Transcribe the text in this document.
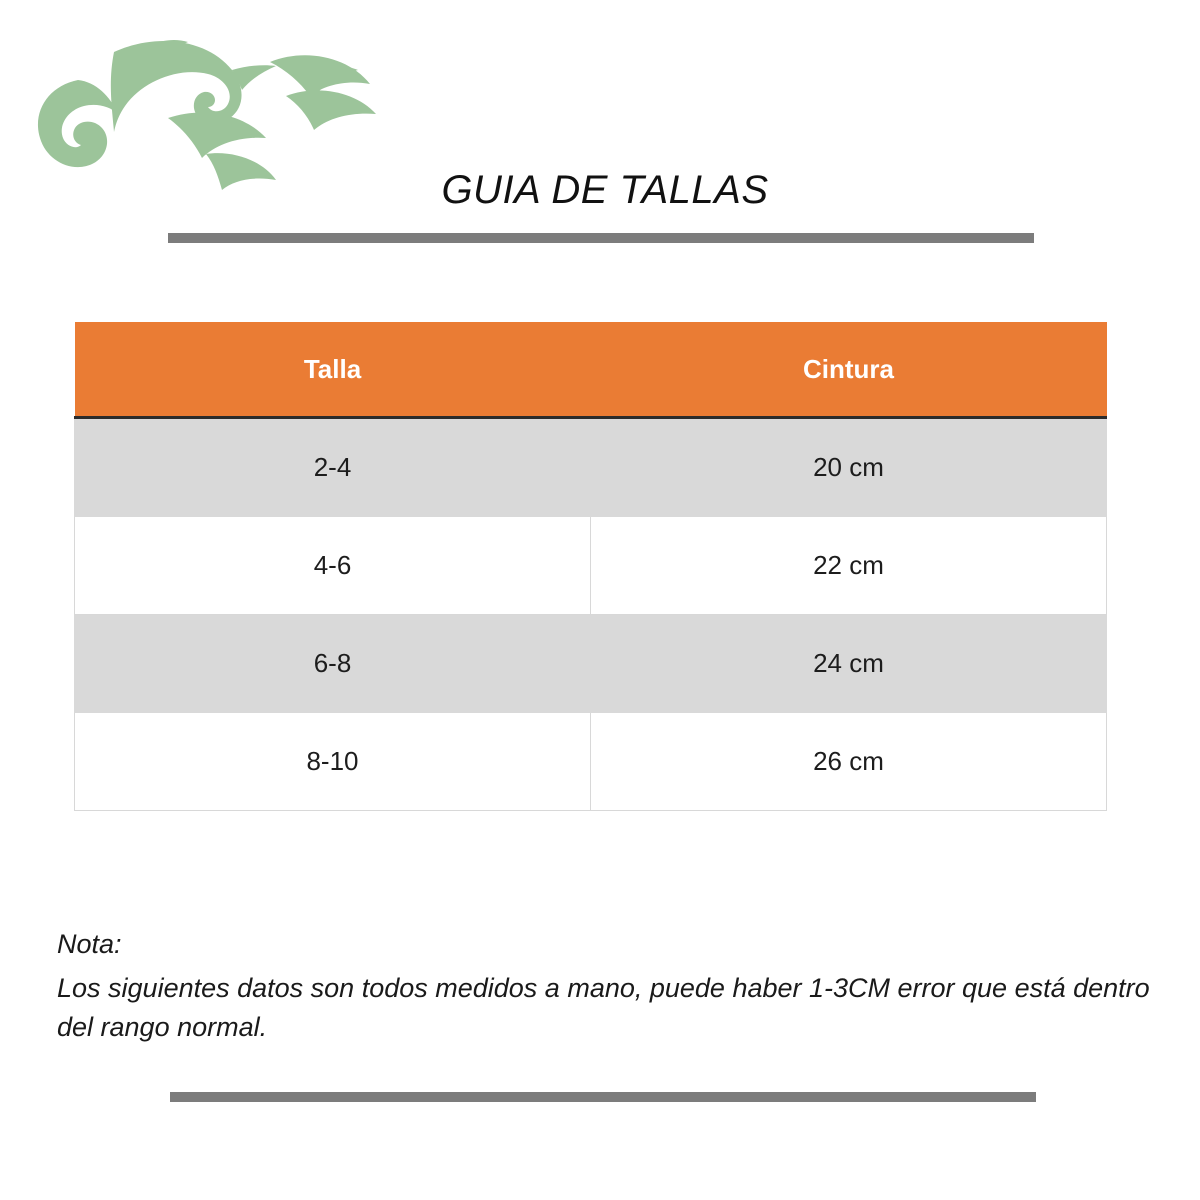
GUIA DE TALLAS
Talla	Cintura
2-4	20 cm
4-6	22 cm
6-8	24 cm
8-10	26 cm
Nota:
Los siguientes datos son todos medidos a mano, puede haber 1-3CM error que está dentro del rango normal.
